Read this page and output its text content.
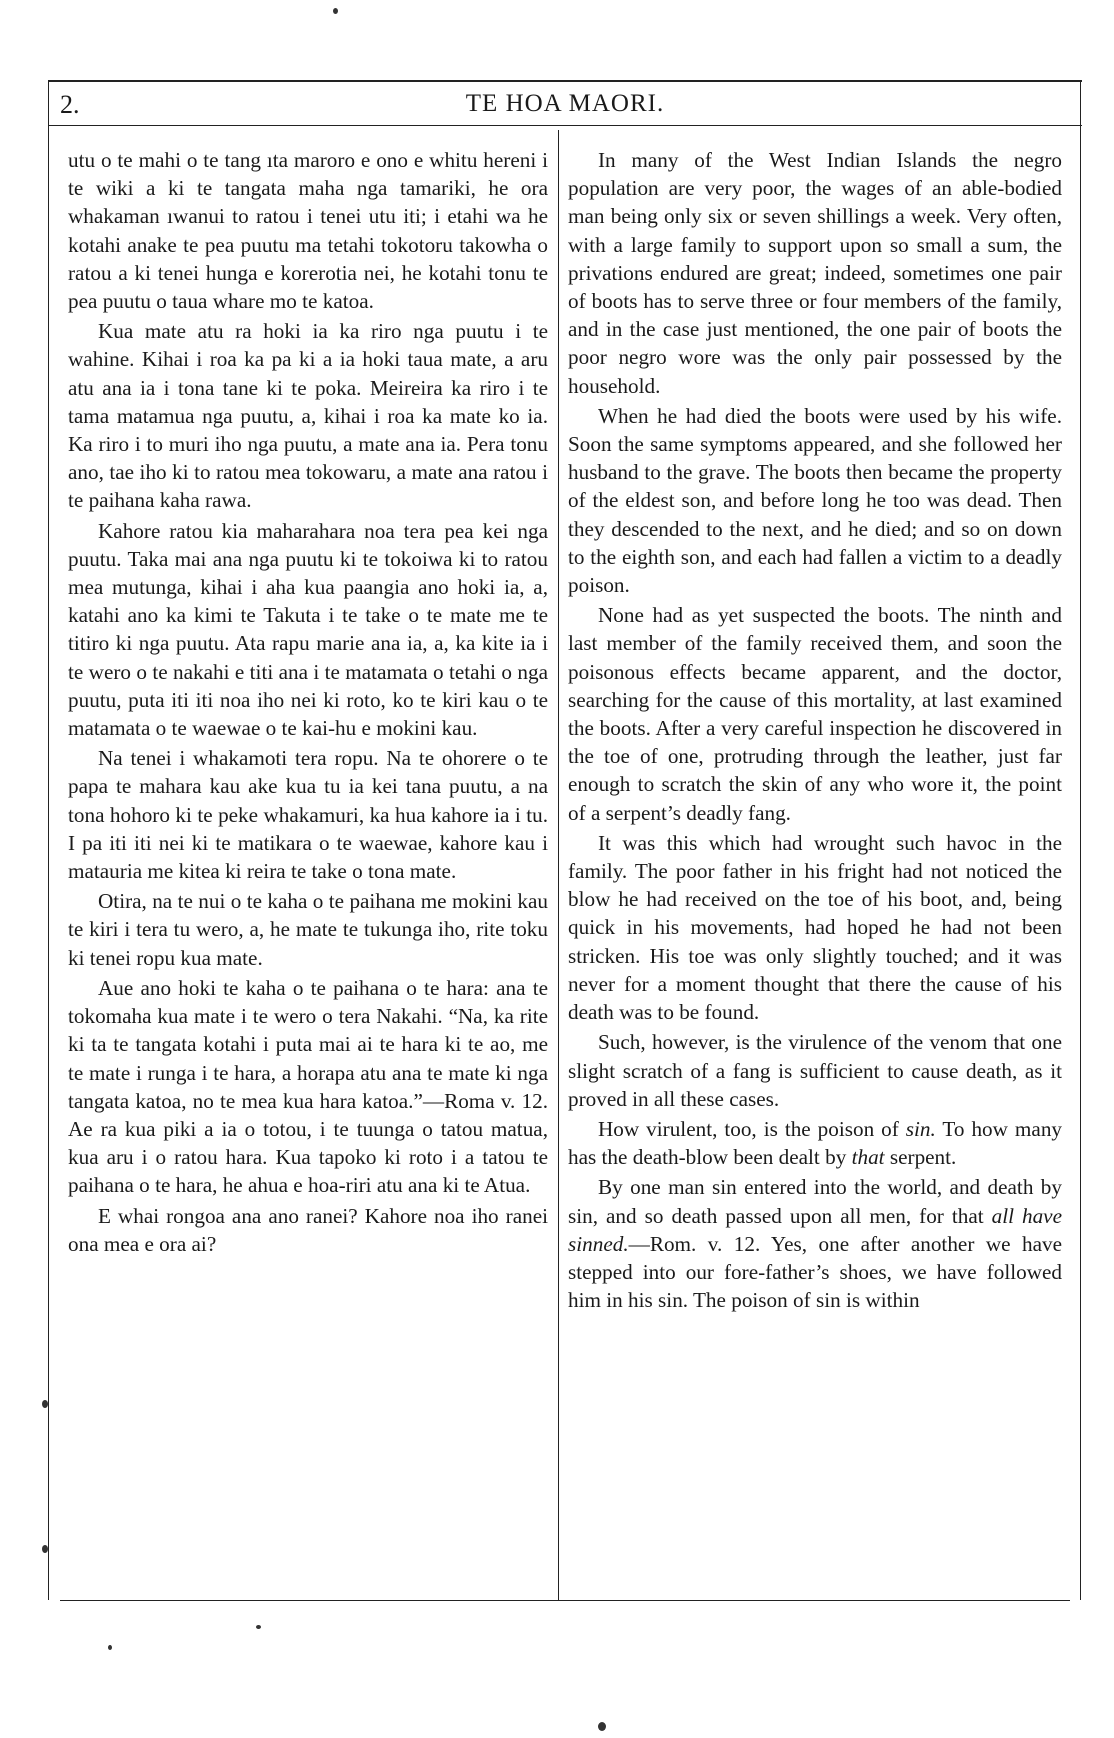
2.	TE HOA MAORI.

utu o te mahi o te tang ıta maroro e ono e whitu hereni i te wiki a ki te tangata maha nga tamariki, he ora whakaman ıwanui to ratou i tenei utu iti; i etahi wa he kotahi anake te pea puutu ma tetahi tokotoru takowha o ratou a ki tenei hunga e korerotia nei, he kotahi tonu te pea puutu o taua whare mo te katoa.

Kua mate atu ra hoki ia ka riro nga puutu i te wahine. Kihai i roa ka pa ki a ia hoki taua mate, a aru atu ana ia i tona tane ki te poka. Meireira ka riro i te tama matamua nga puutu, a, kihai i roa ka mate ko ia. Ka riro i to muri iho nga puutu, a mate ana ia. Pera tonu ano, tae iho ki to ratou mea tokowaru, a mate ana ratou i te paihana kaha rawa.

Kahore ratou kia maharahara noa tera pea kei nga puutu. Taka mai ana nga puutu ki te tokoiwa ki to ratou mea mutunga, kihai i aha kua paangia ano hoki ia, a, katahi ano ka kimi te Takuta i te take o te mate me te titiro ki nga puutu. Ata rapu marie ana ia, a, ka kite ia i te wero o te nakahi e titi ana i te matamata o tetahi o nga puutu, puta iti iti noa iho nei ki roto, ko te kiri kau o te matamata o te waewae o te kai-hu e mokini kau.

Na tenei i whakamoti tera ropu. Na te ohorere o te papa te mahara kau ake kua tu ia kei tana puutu, a na tona hohoro ki te peke whakamuri, ka hua kahore ia i tu. I pa iti iti nei ki te matikara o te waewae, kahore kau i matauria me kitea ki reira te take o tona mate.

Otira, na te nui o te kaha o te paihana me mokini kau te kiri i tera tu wero, a, he mate te tukunga iho, rite toku ki tenei ropu kua mate.

Aue ano hoki te kaha o te paihana o te hara: ana te tokomaha kua mate i te wero o tera Nakahi. “Na, ka rite ki ta te tangata kotahi i puta mai ai te hara ki te ao, me te mate i runga i te hara, a horapa atu ana te mate ki nga tangata katoa, no te mea kua hara katoa.”—Roma v. 12. Ae ra kua piki a ia o totou, i te tuunga o tatou matua, kua aru i o ratou hara. Kua tapoko ki roto i a tatou te paihana o te hara, he ahua e hoa-riri atu ana ki te Atua.

E whai rongoa ana ano ranei? Kahore noa iho ranei ona mea e ora ai?

In many of the West Indian Islands the negro population are very poor, the wages of an able-bodied man being only six or seven shillings a week. Very often, with a large family to support upon so small a sum, the privations endured are great; indeed, sometimes one pair of boots has to serve three or four members of the family, and in the case just mentioned, the one pair of boots the poor negro wore was the only pair possessed by the household.

When he had died the boots were used by his wife. Soon the same symptoms appeared, and she followed her husband to the grave. The boots then became the property of the eldest son, and before long he too was dead. Then they descended to the next, and he died; and so on down to the eighth son, and each had fallen a victim to a deadly poison.

None had as yet suspected the boots. The ninth and last member of the family received them, and soon the poisonous effects became apparent, and the doctor, searching for the cause of this mortality, at last examined the boots. After a very careful inspection he discovered in the toe of one, protruding through the leather, just far enough to scratch the skin of any who wore it, the point of a serpent’s deadly fang.

It was this which had wrought such havoc in the family. The poor father in his fright had not noticed the blow he had received on the toe of his boot, and, being quick in his movements, had hoped he had not been stricken. His toe was only slightly touched; and it was never for a moment thought that there the cause of his death was to be found.

Such, however, is the virulence of the venom that one slight scratch of a fang is sufficient to cause death, as it proved in all these cases.

How virulent, too, is the poison of sin. To how many has the death-blow been dealt by that serpent.

By one man sin entered into the world, and death by sin, and so death passed upon all men, for that all have sinned.—Rom. v. 12. Yes, one after another we have stepped into our fore-father’s shoes, we have followed him in his sin. The poison of sin is within
